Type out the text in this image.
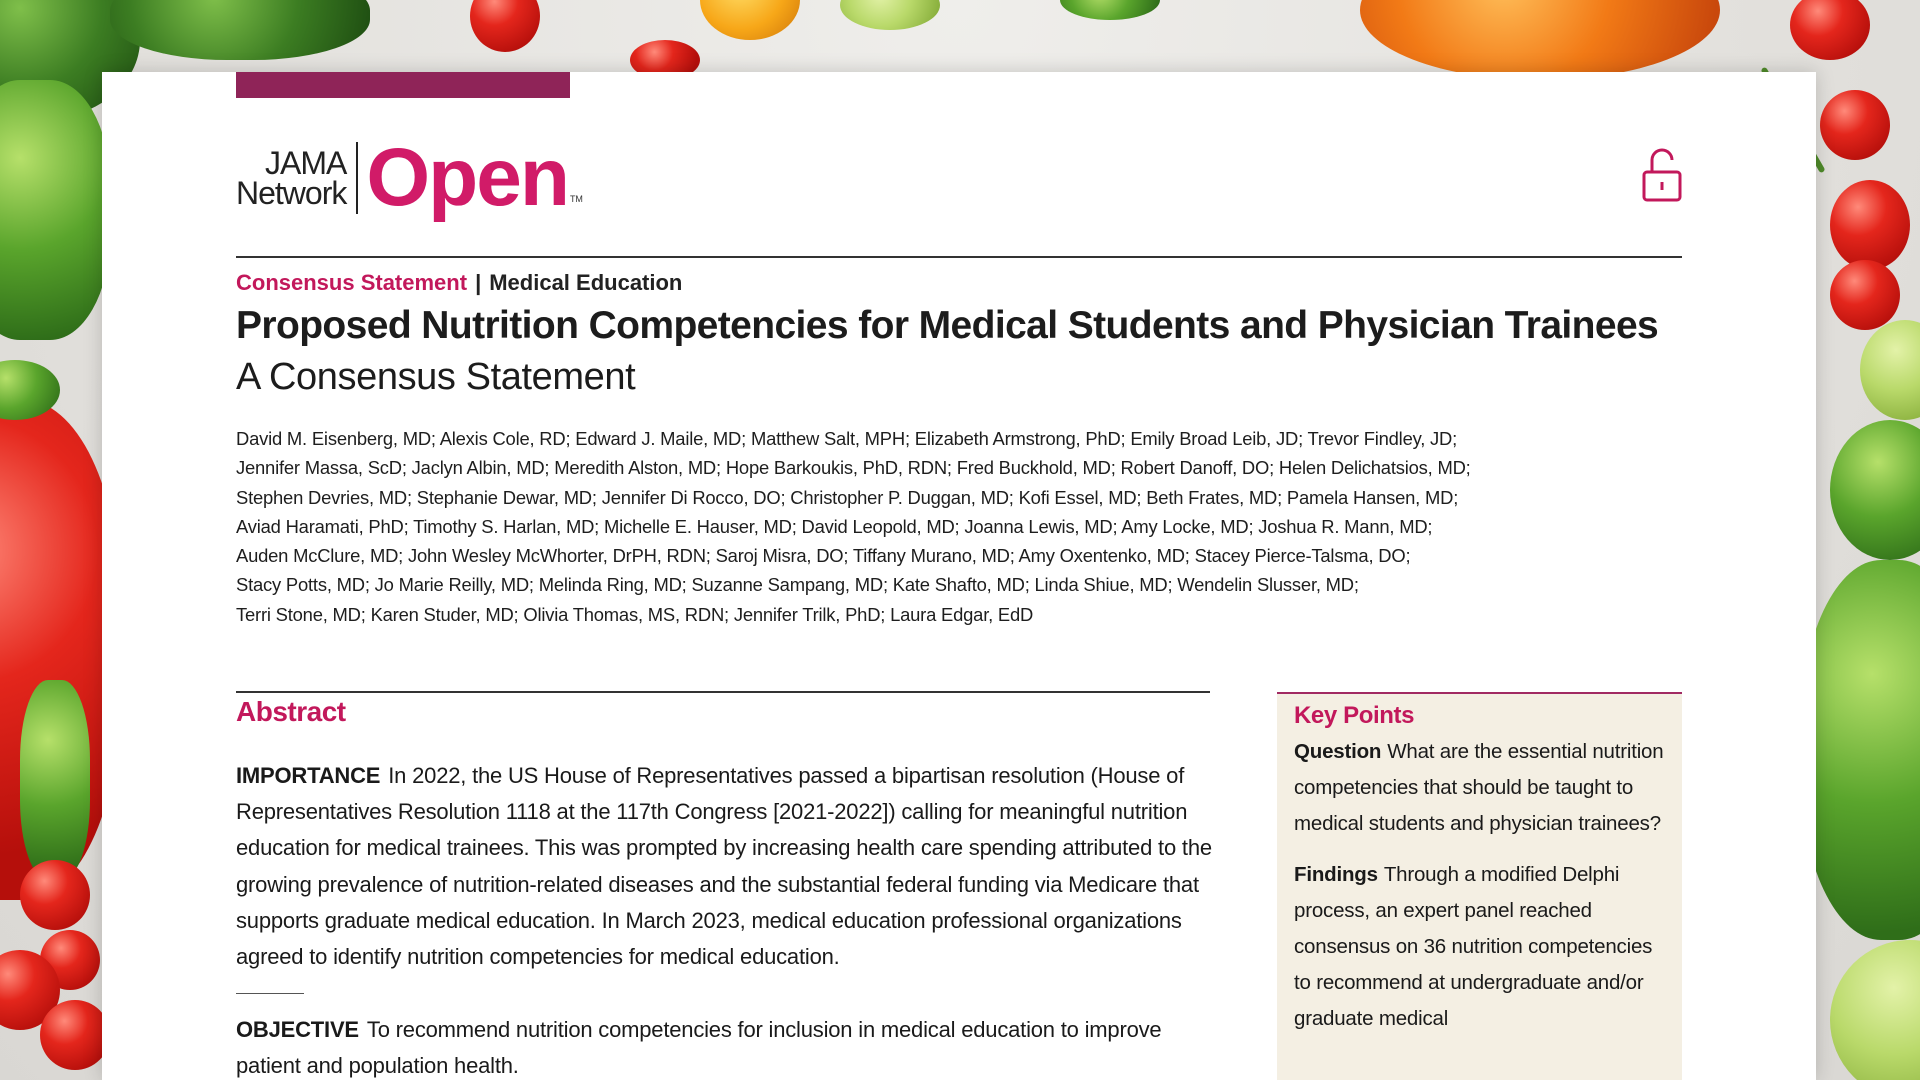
JAMA
Network Open TM
Consensus Statement | Medical Education
Proposed Nutrition Competencies for Medical Students and Physician Trainees
A Consensus Statement
David M. Eisenberg, MD; Alexis Cole, RD; Edward J. Maile, MD; Matthew Salt, MPH; Elizabeth Armstrong, PhD; Emily Broad Leib, JD; Trevor Findley, JD;
Jennifer Massa, ScD; Jaclyn Albin, MD; Meredith Alston, MD; Hope Barkoukis, PhD, RDN; Fred Buckhold, MD; Robert Danoff, DO; Helen Delichatsios, MD;
Stephen Devries, MD; Stephanie Dewar, MD; Jennifer Di Rocco, DO; Christopher P. Duggan, MD; Kofi Essel, MD; Beth Frates, MD; Pamela Hansen, MD;
Aviad Haramati, PhD; Timothy S. Harlan, MD; Michelle E. Hauser, MD; David Leopold, MD; Joanna Lewis, MD; Amy Locke, MD; Joshua R. Mann, MD;
Auden McClure, MD; John Wesley McWhorter, DrPH, RDN; Saroj Misra, DO; Tiffany Murano, MD; Amy Oxentenko, MD; Stacey Pierce-Talsma, DO;
Stacy Potts, MD; Jo Marie Reilly, MD; Melinda Ring, MD; Suzanne Sampang, MD; Kate Shafto, MD; Linda Shiue, MD; Wendelin Slusser, MD;
Terri Stone, MD; Karen Studer, MD; Olivia Thomas, MS, RDN; Jennifer Trilk, PhD; Laura Edgar, EdD
Abstract
IMPORTANCE In 2022, the US House of Representatives passed a bipartisan resolution (House of Representatives Resolution 1118 at the 117th Congress [2021-2022]) calling for meaningful nutrition education for medical trainees. This was prompted by increasing health care spending attributed to the growing prevalence of nutrition-related diseases and the substantial federal funding via Medicare that supports graduate medical education. In March 2023, medical education professional organizations agreed to identify nutrition competencies for medical education.
OBJECTIVE To recommend nutrition competencies for inclusion in medical education to improve patient and population health.
Key Points
Question What are the essential nutrition competencies that should be taught to medical students and physician trainees?
Findings Through a modified Delphi process, an expert panel reached consensus on 36 nutrition competencies to recommend at undergraduate and/or graduate medical
